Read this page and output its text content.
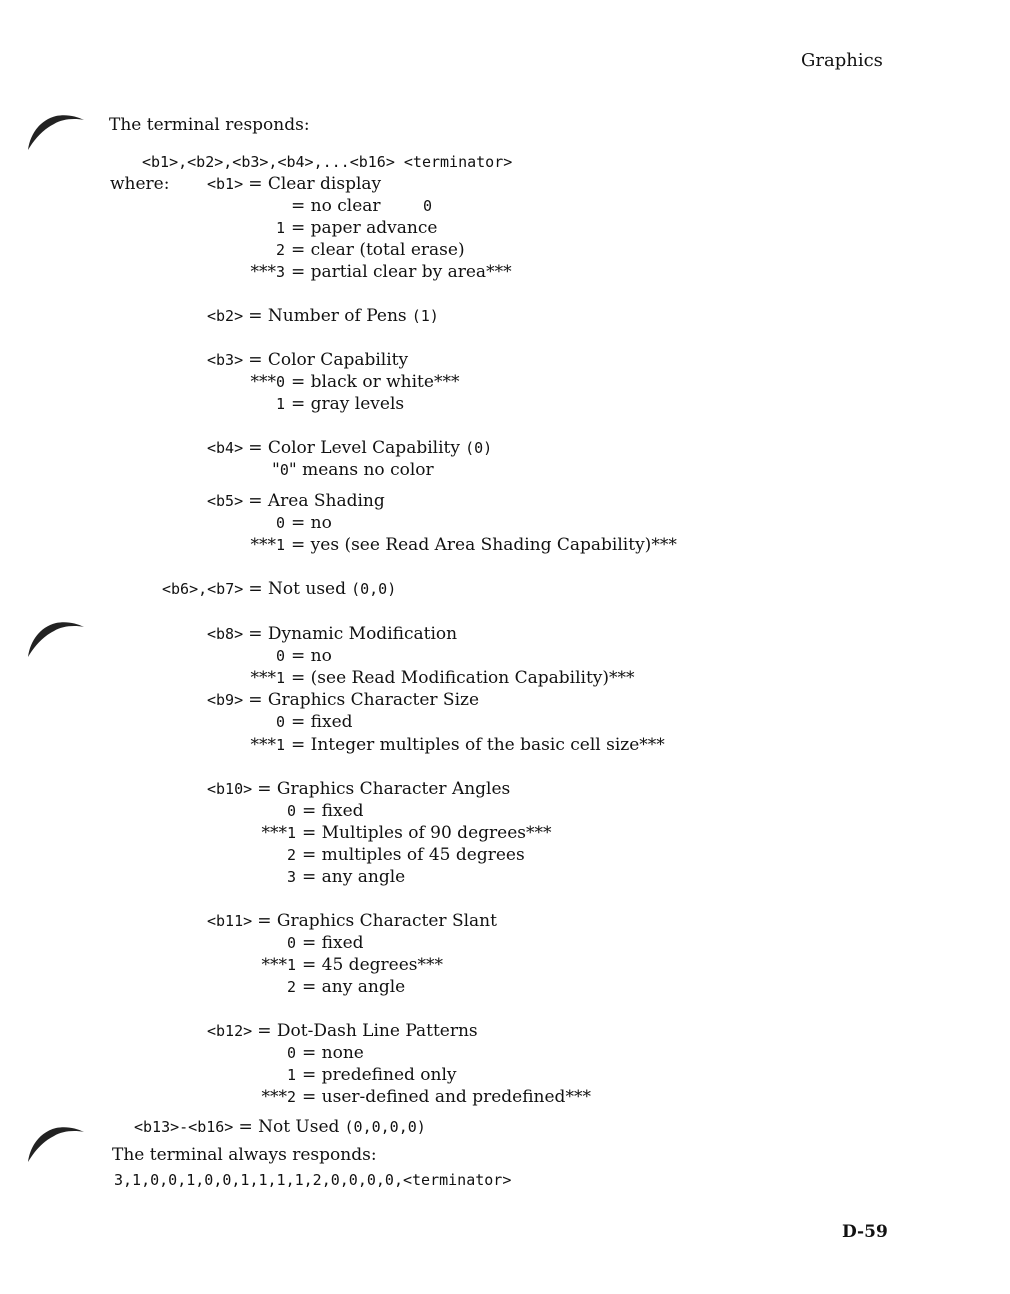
Graphics
The terminal responds:
<b1>,<b2>,<b3>,<b4>,...<b16> <terminator>
where:	<b1> = Clear display
0
= no clear
1 = paper advance
2 = clear (total erase)
***3 = partial clear by area***
<b2> = Number of Pens (1)
<b3> = Color Capability
***0 = black or white***
1 = gray levels
<b4> = Color Level Capability (0)
"0" means no color
<b5> = Area Shading
0 = no
***1 = yes (see Read Area Shading Capability)***
<b6>,<b7> = Not used (0,0)
<b8> = Dynamic Modification
0 = no
***1 = (see Read Modification Capability)***
<b9> = Graphics Character Size
0 = fixed
***1 = Integer multiples of the basic cell size***
<b10> = Graphics Character Angles
0 = fixed
***1 = Multiples of 90 degrees***
2 = multiples of 45 degrees
3 = any angle
<b11> = Graphics Character Slant
0 = fixed
***1 = 45 degrees***
2 = any angle
<b12> = Dot-Dash Line Patterns
0 = none
1 = predefined only
***2 = user-defined and predefined***
<b13>-<b16> = Not Used (0,0,0,0)
The terminal always responds:
3,1,0,0,1,0,0,1,1,1,1,2,0,0,0,0,<terminator>
D-59
